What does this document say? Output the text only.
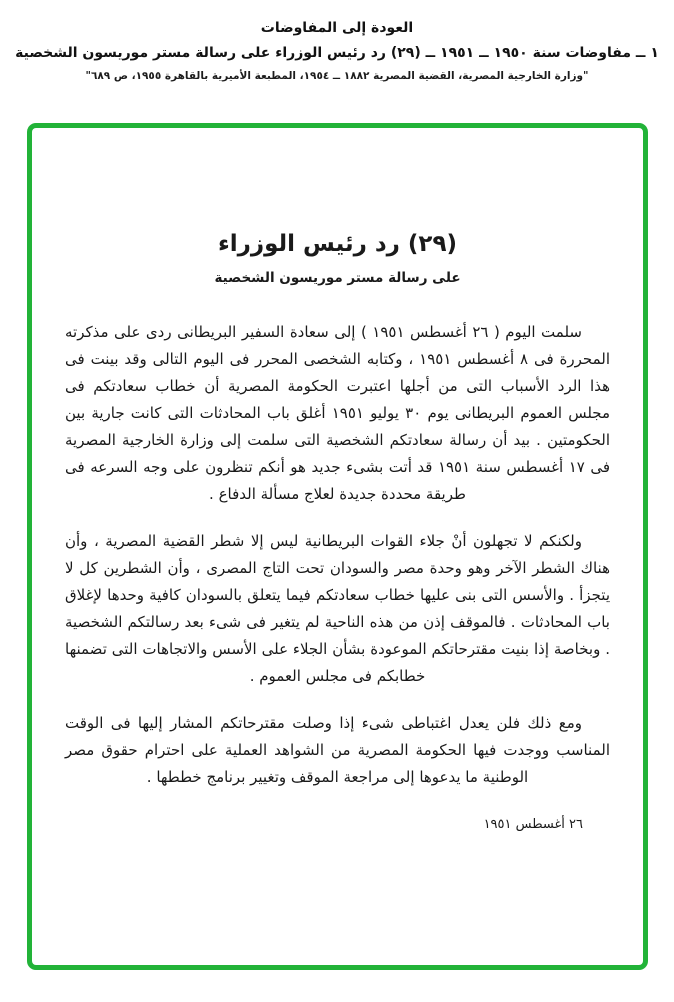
العودة إلى المفاوضات
١ ــ مفاوضات سنة ١٩٥٠ ــ ١٩٥١ ــ (٢٩) رد رئيس الوزراء على رسالة مستر موريسون الشخصية
"وزارة الخارجية المصرية، القضية المصرية ١٨٨٢ ــ ١٩٥٤، المطبعة الأميرية بالقاهرة ١٩٥٥، ص ٦٨٩"
(٢٩) رد رئيس الوزراء
على رسالة مستر موريسون الشخصية

سلمت اليوم ( ٢٦ أغسطس ١٩٥١ ) إلى سعادة السفير البريطانى ردى على مذكرته المحررة فى ٨ أغسطس ١٩٥١ ، وكتابه الشخصى المحرر فى اليوم التالى وقد بينت فى هذا الرد الأسباب التى من أجلها اعتبرت الحكومة المصرية أن خطاب سعادتكم فى مجلس العموم البريطانى يوم ٣٠ يوليو ١٩٥١ أغلق باب المحادثات التى كانت جارية بين الحكومتين . بيد أن رسالة سعادتكم الشخصية التى سلمت إلى وزارة الخارجية المصرية فى ١٧ أغسطس سنة ١٩٥١ قد أتت بشىء جديد هو أنكم تنظرون على وجه السرعه فى طريقة محددة جديدة لعلاج مسألة الدفاع .

ولكنكم لا تجهلون أنْ جلاء القوات البريطانية ليس إلا شطر القضية المصرية ، وأن هناك الشطر الآخر وهو وحدة مصر والسودان تحت التاج المصرى ، وأن الشطرين كل لا يتجزأ . والأسس التى بنى عليها خطاب سعادتكم فيما يتعلق بالسودان كافية وحدها لإغلاق باب المحادثات . فالموقف إذن من هذه الناحية لم يتغير فى شىء بعد رسالتكم الشخصية . وبخاصة إذا بنيت مقترحاتكم الموعودة بشأن الجلاء على الأسس والاتجاهات التى تضمنها خطابكم فى مجلس العموم .

ومع ذلك فلن يعدل اغتباطى شىء إذا وصلت مقترحاتكم المشار إليها فى الوقت المناسب ووجدت فيها الحكومة المصرية من الشواهد العملية على احترام حقوق مصر الوطنية ما يدعوها إلى مراجعة الموقف وتغيير برنامج خططها .

٢٦ أغسطس ١٩٥١
